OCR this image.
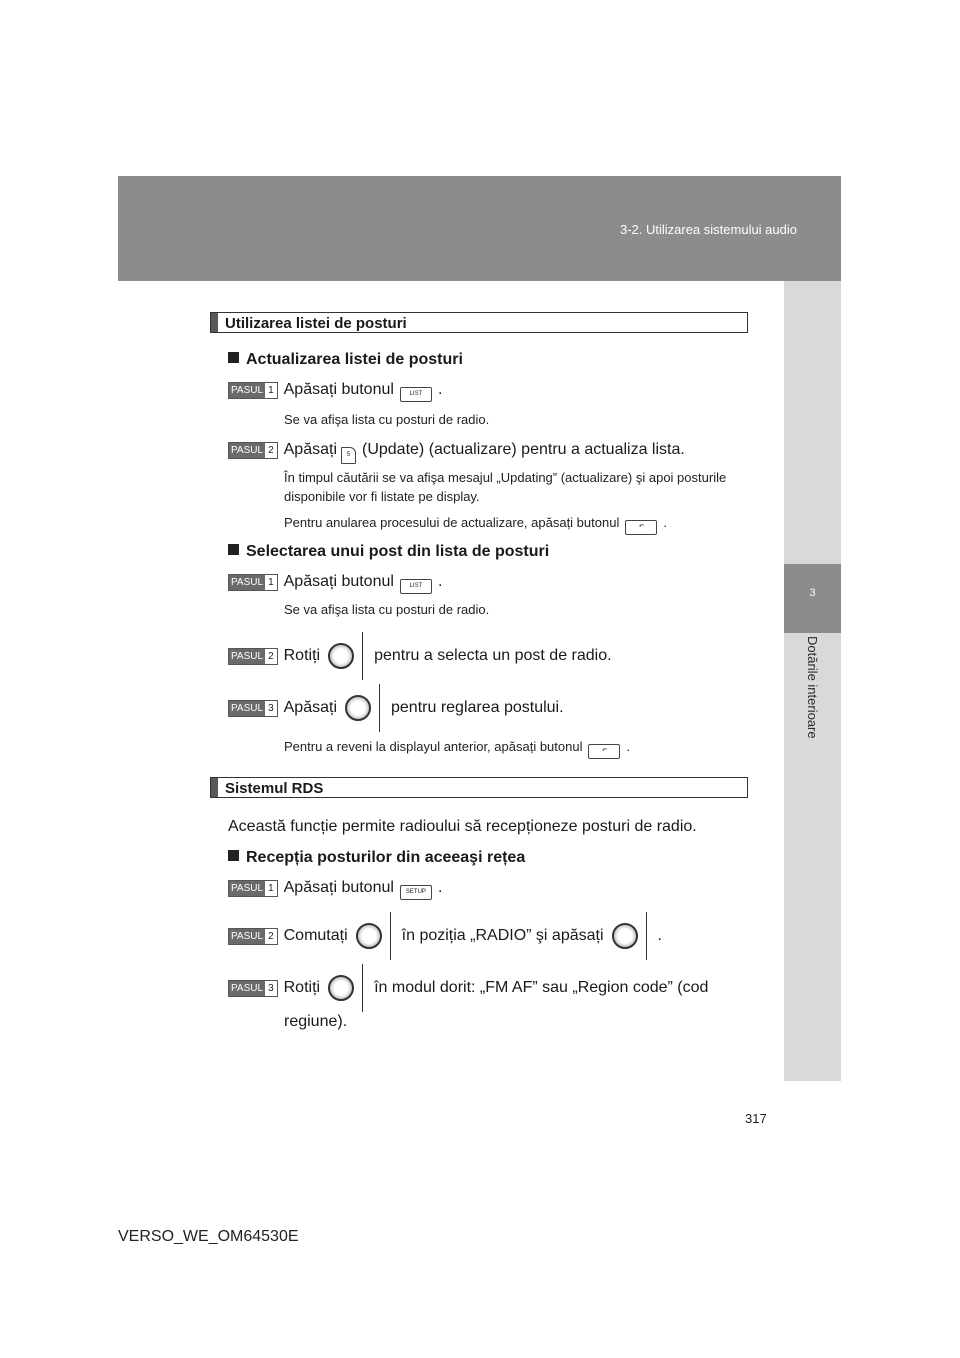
3-2. Utilizarea sistemului audio
3
Dotările interioare
Utilizarea listei de posturi
Actualizarea listei de posturi
PASUL 1 Apăsați butonul	LIST .
Se va afişa lista cu posturi de radio.
PASUL 2 Apăsați 5 (Update) (actualizare) pentru a actualiza lista.
În timpul căutării se va afişa mesajul „Updating” (actualizare) şi apoi posturile disponibile vor fi listate pe display.
Pentru anularea procesului de actualizare, apăsați butonul	↶ .
Selectarea unui post din lista de posturi
PASUL 1 Apăsați butonul	LIST .
Se va afişa lista cu posturi de radio.
PASUL 2 Rotiți	pentru a selecta un post de radio.
PASUL 3 Apăsați	pentru reglarea postului.
Pentru a reveni la displayul anterior, apăsați butonul	↶ .
Sistemul RDS
Această funcție permite radioului să recepționeze posturi de radio.
Recepția posturilor din aceeaşi rețea
PASUL 1 Apăsați butonul SETUP .
PASUL 2 Comutați	în poziția „RADIO” şi apăsați	.
PASUL 3 Rotiți	în modul dorit: „FM AF” sau „Region code” (cod
regiune).
317
VERSO_WE_OM64530E
